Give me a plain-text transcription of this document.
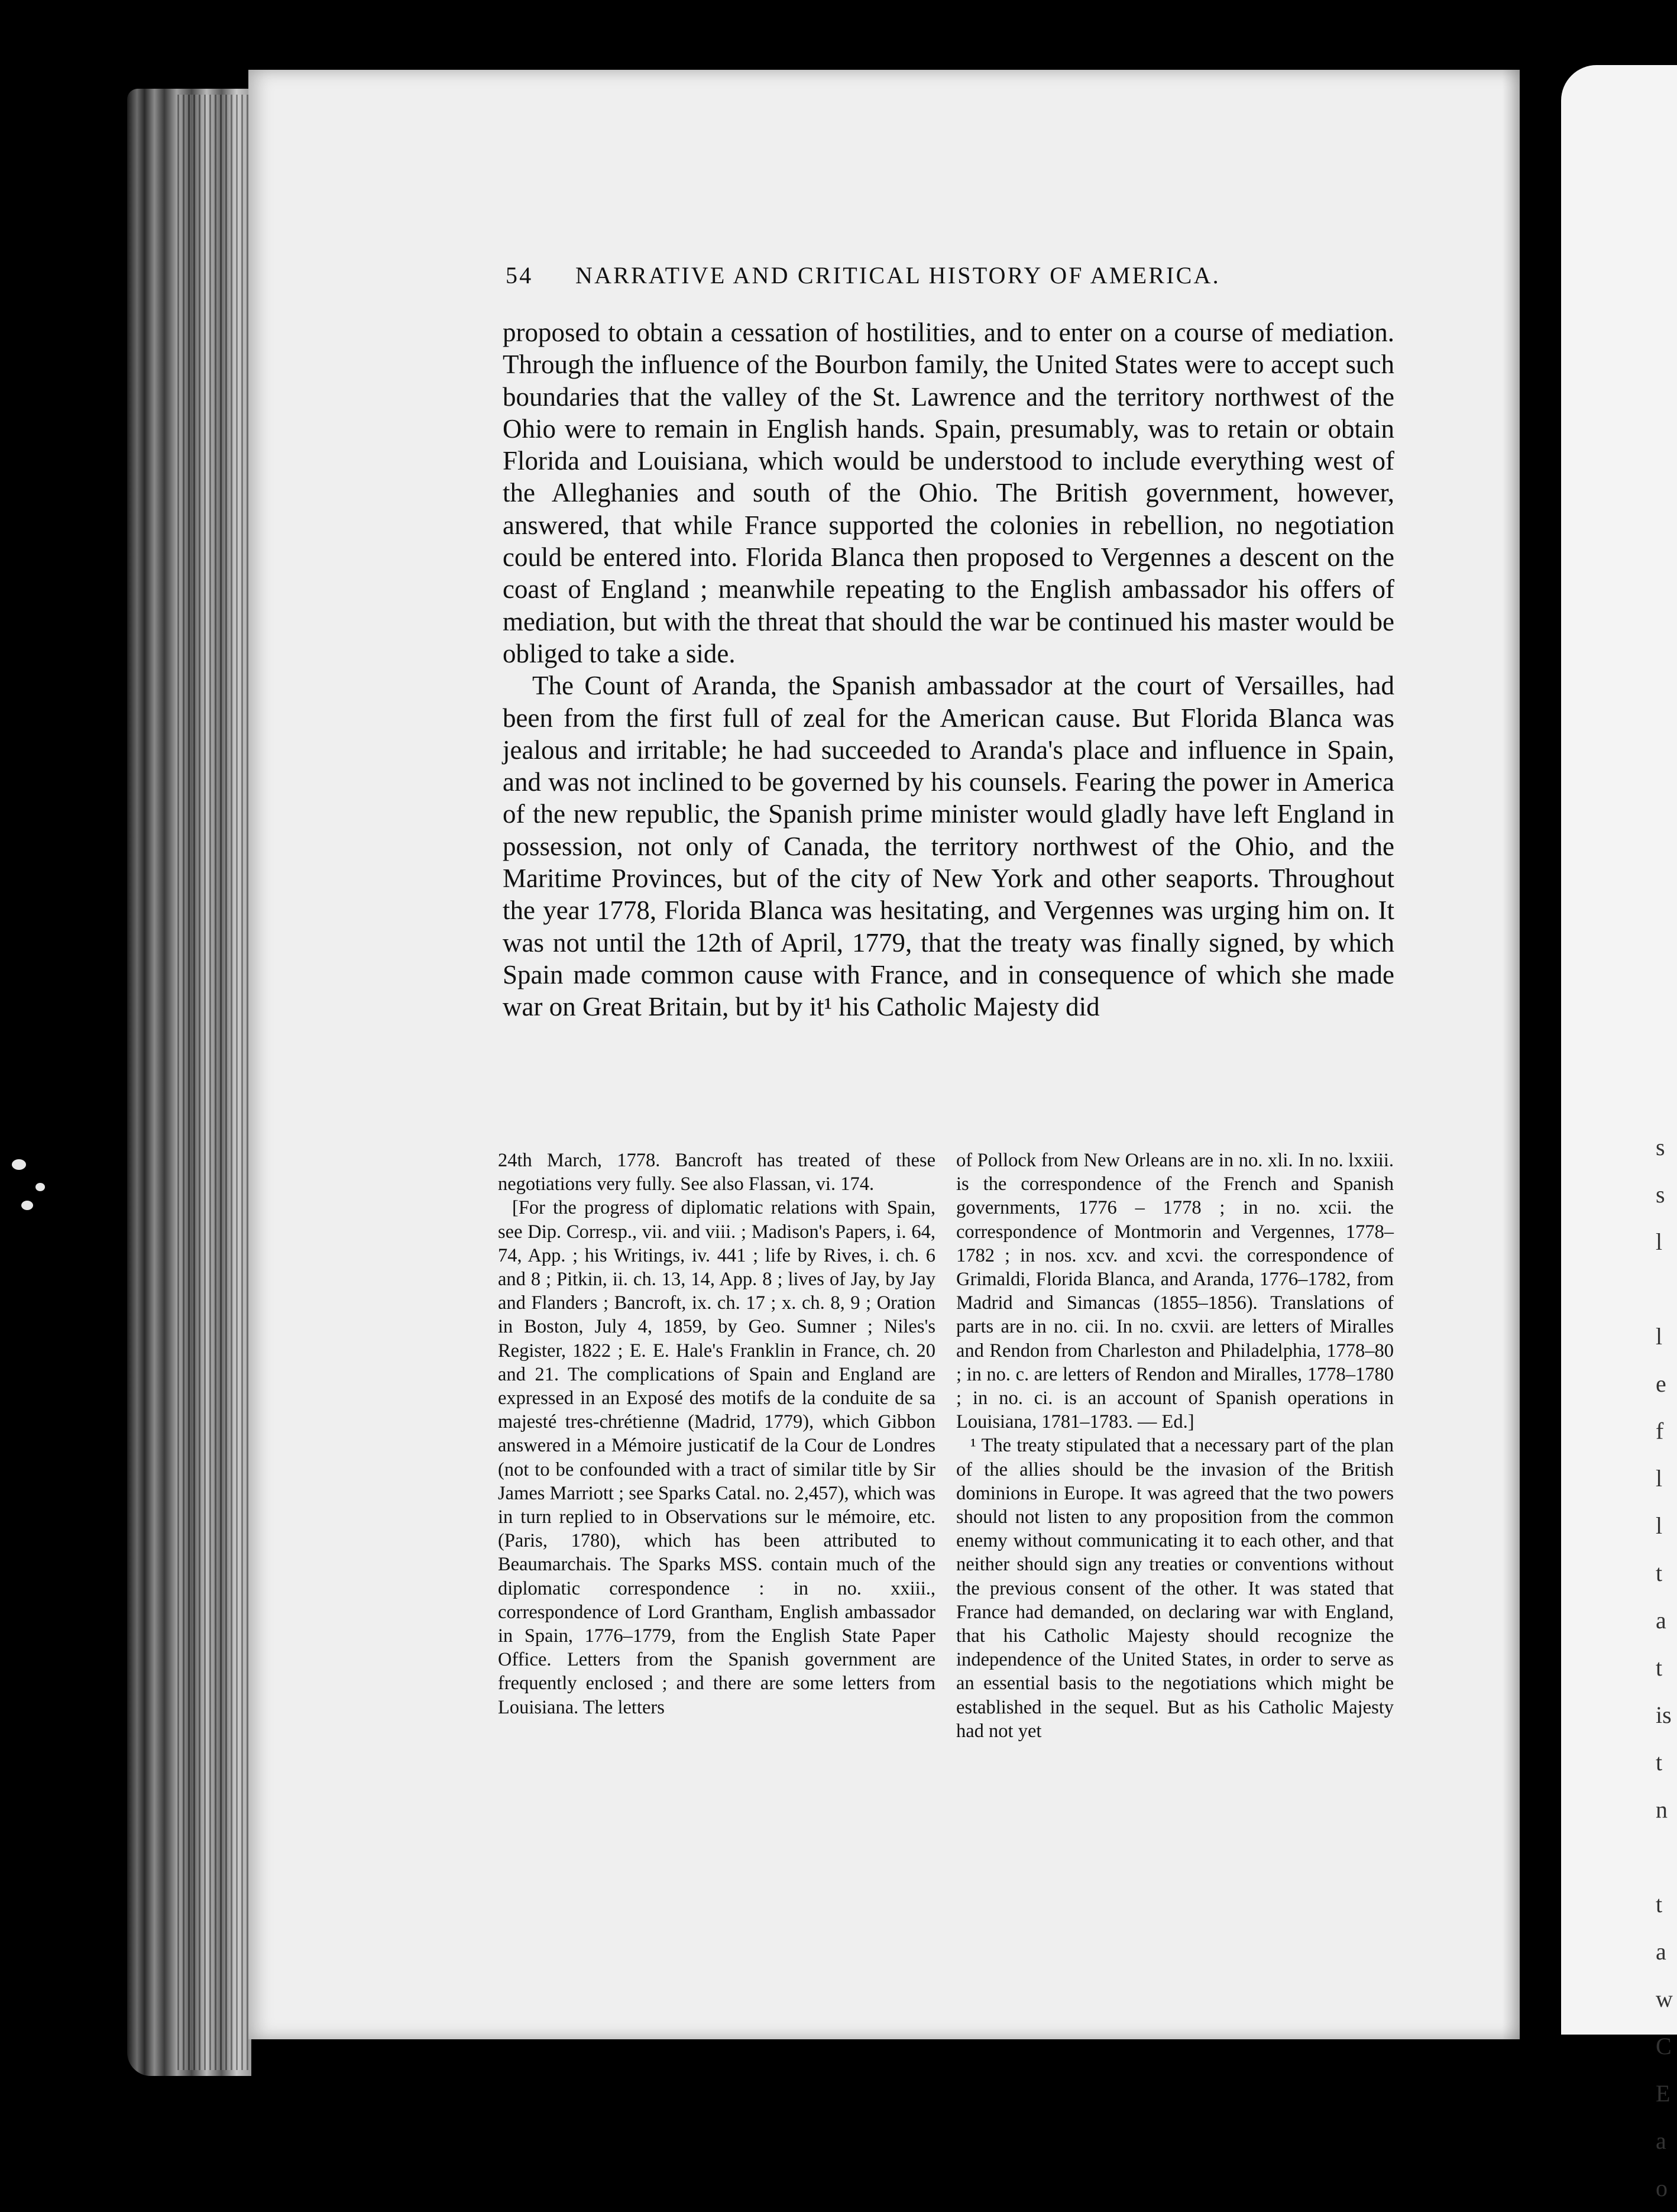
s
s
l

l
e
f
l
l
t
a
t
is
t
n

t
a
w
C
E
a
o
54 NARRATIVE AND CRITICAL HISTORY OF AMERICA.

proposed to obtain a cessation of hostilities, and to enter on a course of mediation. Through the influence of the Bourbon family, the United States were to accept such boundaries that the valley of the St. Lawrence and the territory northwest of the Ohio were to remain in English hands. Spain, presumably, was to retain or obtain Florida and Louisiana, which would be understood to include everything west of the Alleghanies and south of the Ohio. The British government, however, answered, that while France supported the colonies in rebellion, no negotiation could be entered into. Florida Blanca then proposed to Vergennes a descent on the coast of England ; meanwhile repeating to the English ambassador his offers of mediation, but with the threat that should the war be continued his master would be obliged to take a side.

The Count of Aranda, the Spanish ambassador at the court of Versailles, had been from the first full of zeal for the American cause. But Florida Blanca was jealous and irritable; he had succeeded to Aranda's place and influence in Spain, and was not inclined to be governed by his counsels. Fearing the power in America of the new republic, the Spanish prime minister would gladly have left England in possession, not only of Canada, the territory northwest of the Ohio, and the Maritime Provinces, but of the city of New York and other seaports. Throughout the year 1778, Florida Blanca was hesitating, and Vergennes was urging him on. It was not until the 12th of April, 1779, that the treaty was finally signed, by which Spain made common cause with France, and in consequence of which she made war on Great Britain, but by it¹ his Catholic Majesty did

24th March, 1778. Bancroft has treated of these negotiations very fully. See also Flassan, vi. 174.

[For the progress of diplomatic relations with Spain, see Dip. Corresp., vii. and viii. ; Madison's Papers, i. 64, 74, App. ; his Writings, iv. 441 ; life by Rives, i. ch. 6 and 8 ; Pitkin, ii. ch. 13, 14, App. 8 ; lives of Jay, by Jay and Flanders ; Bancroft, ix. ch. 17 ; x. ch. 8, 9 ; Oration in Boston, July 4, 1859, by Geo. Sumner ; Niles's Register, 1822 ; E. E. Hale's Franklin in France, ch. 20 and 21. The complications of Spain and England are expressed in an Exposé des motifs de la conduite de sa majesté tres-chrétienne (Madrid, 1779), which Gibbon answered in a Mémoire justicatif de la Cour de Londres (not to be confounded with a tract of similar title by Sir James Marriott ; see Sparks Catal. no. 2,457), which was in turn replied to in Observations sur le mémoire, etc. (Paris, 1780), which has been attributed to Beaumarchais. The Sparks MSS. contain much of the diplomatic correspondence : in no. xxiii., correspondence of Lord Grantham, English ambassador in Spain, 1776–1779, from the English State Paper Office. Letters from the Spanish government are frequently enclosed ; and there are some letters from Louisiana. The letters

of Pollock from New Orleans are in no. xli. In no. lxxiii. is the correspondence of the French and Spanish governments, 1776 – 1778 ; in no. xcii. the correspondence of Montmorin and Vergennes, 1778–1782 ; in nos. xcv. and xcvi. the correspondence of Grimaldi, Florida Blanca, and Aranda, 1776–1782, from Madrid and Simancas (1855–1856). Translations of parts are in no. cii. In no. cxvii. are letters of Miralles and Rendon from Charleston and Philadelphia, 1778–80 ; in no. c. are letters of Rendon and Miralles, 1778–1780 ; in no. ci. is an account of Spanish operations in Louisiana, 1781–1783. — Ed.]

¹ The treaty stipulated that a necessary part of the plan of the allies should be the invasion of the British dominions in Europe. It was agreed that the two powers should not listen to any proposition from the common enemy without communicating it to each other, and that neither should sign any treaties or conventions without the previous consent of the other. It was stated that France had demanded, on declaring war with England, that his Catholic Majesty should recognize the independence of the United States, in order to serve as an essential basis to the negotiations which might be established in the sequel. But as his Catholic Majesty had not yet
